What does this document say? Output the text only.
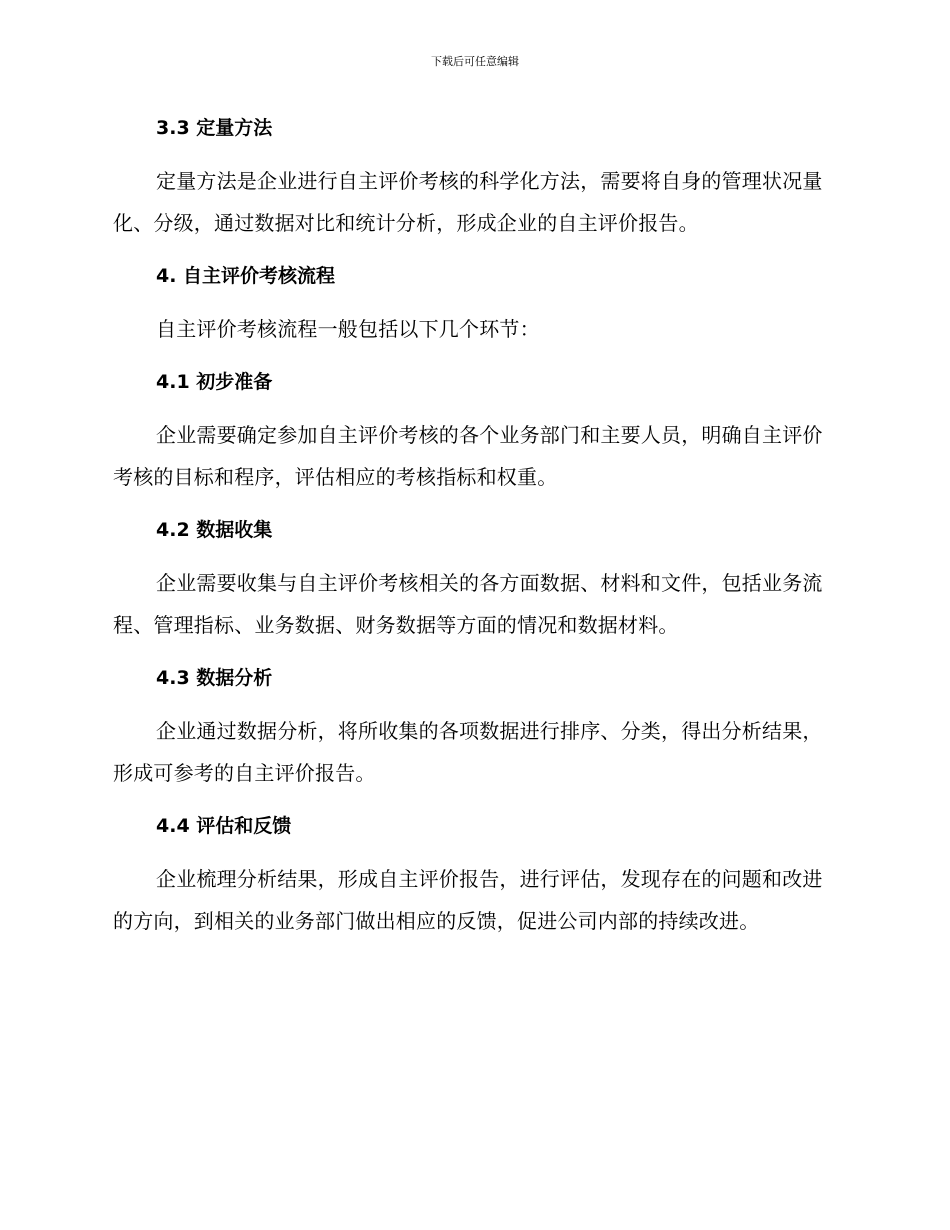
下载后可任意编辑
3.3 定量方法
定量方法是企业进行自主评价考核的科学化方法，需要将自身的管理状况量化、分级，通过数据对比和统计分析，形成企业的自主评价报告。
4. 自主评价考核流程
自主评价考核流程一般包括以下几个环节：
4.1 初步准备
企业需要确定参加自主评价考核的各个业务部门和主要人员，明确自主评价考核的目标和程序，评估相应的考核指标和权重。
4.2 数据收集
企业需要收集与自主评价考核相关的各方面数据、材料和文件，包括业务流程、管理指标、业务数据、财务数据等方面的情况和数据材料。
4.3 数据分析
企业通过数据分析，将所收集的各项数据进行排序、分类，得出分析结果，形成可参考的自主评价报告。
4.4 评估和反馈
企业梳理分析结果，形成自主评价报告，进行评估，发现存在的问题和改进的方向，到相关的业务部门做出相应的反馈，促进公司内部的持续改进。
